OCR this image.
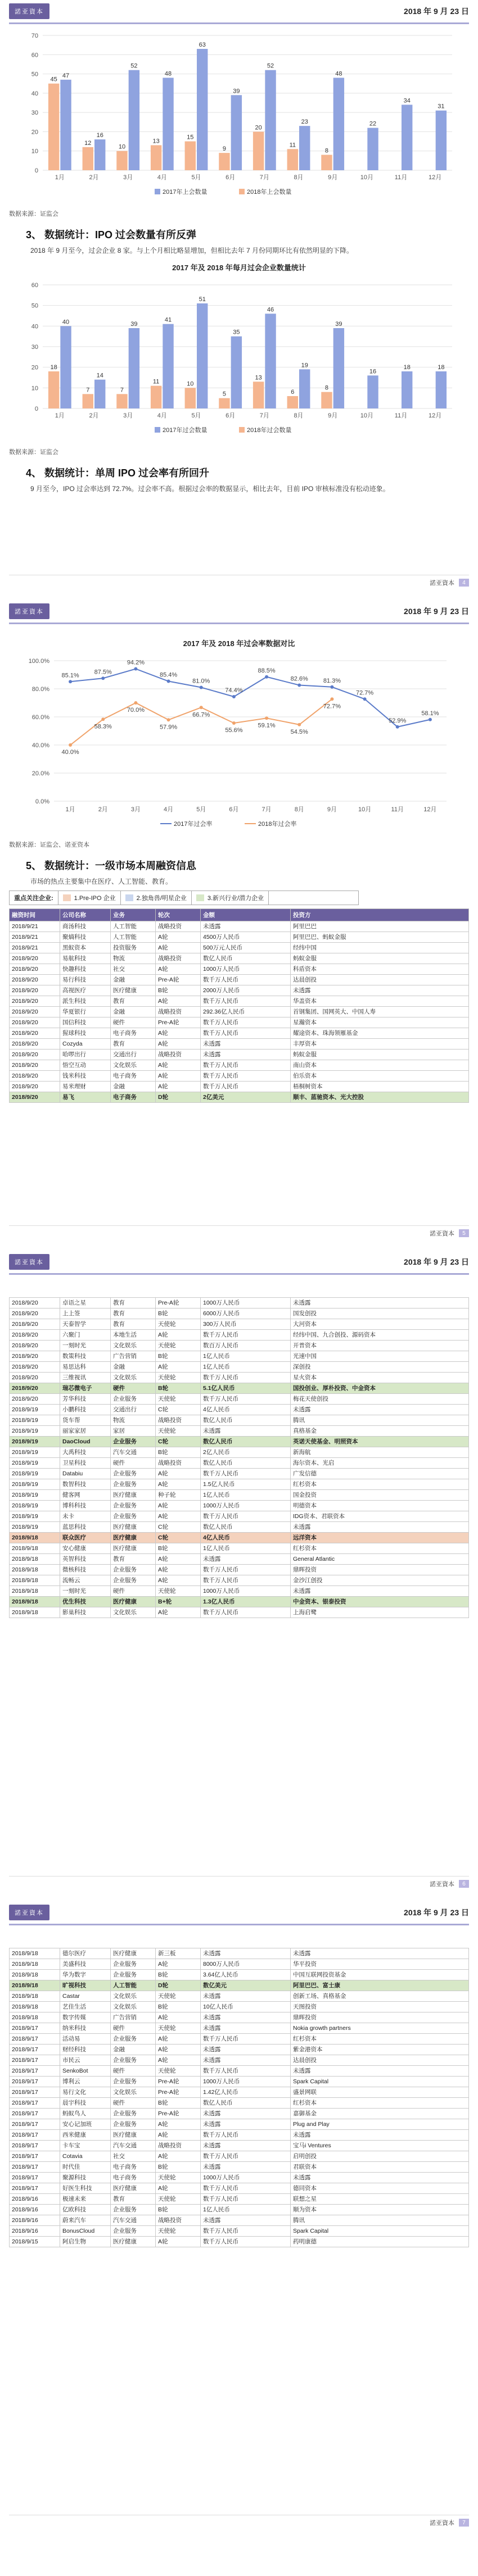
諾亚資本	2018 年 9 月 23 日
0
10
20
30
40
50
60
70
47
45
1月
16
12
2月
52
10
3月
48
13
4月
63
15
5月
39
9
6月
52
20
7月
23
11
8月
48
8
9月
22
10月
34
11月
31
12月
2017年上会数量	2018年上会数量
数据来源：证监会
3、 数据统计：IPO 过会数量有所反弹

2018 年 9 月至今，过会企业 8 家。与上个月相比略显增加，但相比去年 7 月份同期环比有依然明显的下降。

2017 年及 2018 年每月过会企业数量统计
0
10
20
30
40
50
60
40
18
1月
14
7
2月
39
7
3月
41
11
4月
51
10
5月
35
5
6月
46
13
7月
19
6
8月
39
8
9月
16
10月
18
11月
18
12月
2017年过会数量	2018年过会数量
数据来源：证监会
4、 数据统计：单周 IPO 过会率有所回升

9 月至今，IPO 过会率达到 72.7%。过会率不高。根据过会率的数据显示，相比去年，目前 IPO 审核标准没有松动迹象。

諾亚資本	4
諾亚資本	2018 年 9 月 23 日
2017 年及 2018 年过会率数据对比
0.0%
20.0%
40.0%
60.0%
80.0%
100.0%
85.1% 87.5%
94.2%
85.4%
81.0%
74.4%
88.5%
82.6% 81.3%
72.7%
52.9%
58.1%
40.0%
58.3%
70.0%
57.9%
66.7%
55.6%
59.1%
54.5%
72.7%
1月	2月	3月	4月	5月	6月	7月	8月	9月	10月	11月	12月
2017年过会率	2018年过会率
数据来源：证监会、诺亚资本
5、 数据统计：一级市场本周融资信息

市场的热点主要集中在医疗、人工智能、教育。

重点关注企业:	1.Pre-IPO 企业	2.独角兽/明星企业	3.新兴行业/潜力企业
融资时间	公司名称	业务	轮次	金额	投资方
2018/9/21	商汤科技	人工智能	战略投资	未透露	阿里巴巴
2018/9/21	聚熵科技	人工智能	A轮	4500万人民币	阿里巴巴、蚂蚁金服
2018/9/21	黑蚁资本	投资服务	A轮	500万元人民币	经纬中国
2018/9/20	易航科技	物流	战略投资	数亿人民币	蚂蚁金服
2018/9/20	快趣科技	社交	A轮	1000万人民币	科盾资本
2018/9/20	易行科技	金融	Pre-A轮	数千万人民币	达晨创投
2018/9/20	高视医疗	医疗健康	B轮	2000万人民币	未透露
2018/9/20	派生科技	教育	A轮	数千万人民币	华盖资本
2018/9/20	华夏银行	金融	战略投资	292.36亿人民币	首钢集团、国网英大、中国人寿
2018/9/20	国信科技	硬件	Pre-A轮	数千万人民币	星瀚资本
2018/9/20	猩球科技	电子商务	A轮	数千万人民币	耀途资本、珠海领雁基金
2018/9/20	Cozyda	教育	A轮	未透露	丰厚资本
2018/9/20	哈啰出行	交通出行	战略投资	未透露	蚂蚁金服
2018/9/20	悟空互动	文化娱乐	A轮	数千万人民币	南山资本
2018/9/20	钱米科技	电子商务	A轮	数千万人民币	伯乐资本
2018/9/20	易米理财	金融	A轮	数千万人民币	梧桐树资本
2018/9/20	易飞	电子商务	D轮	2亿美元	顺丰、蓝驰资本、光大控股
諾亚資本	5
諾亚資本	2018 年 9 月 23 日
2018/9/20	卓语之星	教育	Pre-A轮	1000万人民币	未透露
2018/9/20	上上签	教育	B轮	6000万人民币	国发创投
2018/9/20	天泰智学	教育	天使轮	300万人民币	大河资本
2018/9/20	六聚门	本地生活	A轮	数千万人民币	经纬中国、九合创投、源码资本
2018/9/20	一刻时光	文化娱乐	天使轮	数百万人民币	开普资本
2018/9/20	数策科技	广告营销	B轮	1亿人民币	光速中国
2018/9/20	易思达科	金融	A轮	1亿人民币	深创投
2018/9/20	三维视讯	文化娱乐	天使轮	数千万人民币	星火资本
2018/9/20	瑞芯微电子	硬件	B轮	5.1亿人民币	国投创业、厚朴投资、中金资本
2018/9/20	芳华科技	企业服务	天使轮	数千万人民币	梅花天使创投
2018/9/19	小鹏科技	交通出行	C轮	4亿人民币	未透露
2018/9/19	货车帮	物流	战略投资	数亿人民币	腾讯
2018/9/19	丽家家居	家居	天使轮	未透露	真格基金
2018/9/19	DaoCloud	企业服务	C轮	数亿人民币	英诺天使基金、明照资本
2018/9/19	大禹科技	汽车交通	B轮	2亿人民币	新海航
2018/9/19	卫星科技	硬件	战略投资	数亿人民币	海尔资本、光启
2018/9/19	Databiu	企业服务	A轮	数千万人民币	广发信德
2018/9/19	数智科技	企业服务	A轮	1.5亿人民币	红杉资本
2018/9/19	健客网	医疗健康	种子轮	1亿人民币	国金投资
2018/9/19	博科科技	企业服务	A轮	1000万人民币	明德资本
2018/9/19	未卡	企业服务	A轮	数千万人民币	IDG资本、君联资本
2018/9/19	蓝思科技	医疗健康	C轮	数亿人民币	未透露
2018/9/18	联众医疗	医疗健康	C轮	4亿人民币	远洋资本
2018/9/18	安心健康	医疗健康	B轮	1亿人民币	红杉资本
2018/9/18	英智科技	教育	A轮	未透露	General Atlantic
2018/9/18	微核科技	企业服务	A轮	数千万人民币	鼎晖投资
2018/9/18	流畅云	企业服务	A轮	数千万人民币	金沙江创投
2018/9/18	一刻时光	硬件	天使轮	1000万人民币	未透露
2018/9/18	优生科技	医疗健康	B+轮	1.3亿人民币	中金资本、银泰投资
2018/9/18	影巢科技	文化娱乐	A轮	数千万人民币	上海启鹭
諾亚資本	6
諾亚資本	2018 年 9 月 23 日
2018/9/18	德尔医疗	医疗健康	新三板	未透露	未透露
2018/9/18	美盛科技	企业服务	A轮	8000万人民币	华平投资
2018/9/18	华为数字	企业服务	B轮	3.64亿人民币	中国互联网投资基金
2018/9/18	旷视科技	人工智能	D轮	数亿美元	阿里巴巴、富士康
2018/9/18	Castar	文化娱乐	天使轮	未透露	创新工场、真格基金
2018/9/18	艺佳生活	文化娱乐	B轮	10亿人民币	天图投资
2018/9/18	数字传媒	广告营销	A轮	未透露	鼎晖投资
2018/9/17	纳米科技	硬件	天使轮	未透露	Nokia growth partners
2018/9/17	活动易	企业服务	A轮	数千万人民币	红杉资本
2018/9/17	财经科技	金融	A轮	未透露	紫金港资本
2018/9/17	市民云	企业服务	A轮	未透露	达晨创投
2018/9/17	SenkoBot	硬件	天使轮	数千万人民币	未透露
2018/9/17	博利云	企业服务	Pre-A轮	1000万人民币	Spark Capital
2018/9/17	易行文化	文化娱乐	Pre-A轮	1.42亿人民币	盛景网联
2018/9/17	晨宇科技	硬件	B轮	数亿人民币	红杉资本
2018/9/17	蚂蚁鸟人	企业服务	Pre-A轮	未透露	嘉御基金
2018/9/17	安心记加班	企业服务	A轮	未透露	Plug and Play
2018/9/17	西米健康	医疗健康	A轮	数千万人民币	未透露
2018/9/17	卡车宝	汽车交通	战略投资	未透露	宝马i Ventures
2018/9/17	Cotavia	社交	A轮	数千万人民币	启明创投
2018/9/17	时代佳	电子商务	B轮	未透露	君联资本
2018/9/17	聚源科技	电子商务	天使轮	1000万人民币	未透露
2018/9/17	好医生科技	医疗健康	A轮	数千万人民币	德同资本
2018/9/16	极速未来	教育	天使轮	数千万人民币	联想之星
2018/9/16	亿欧科技	企业服务	B轮	1亿人民币	顺为资本
2018/9/16	蔚来汽车	汽车交通	战略投资	未透露	腾讯
2018/9/16	BonusCloud	企业服务	天使轮	数千万人民币	Spark Capital
2018/9/15	阿启生物	医疗健康	A轮	数千万人民币	药明康德
諾亚資本	7
